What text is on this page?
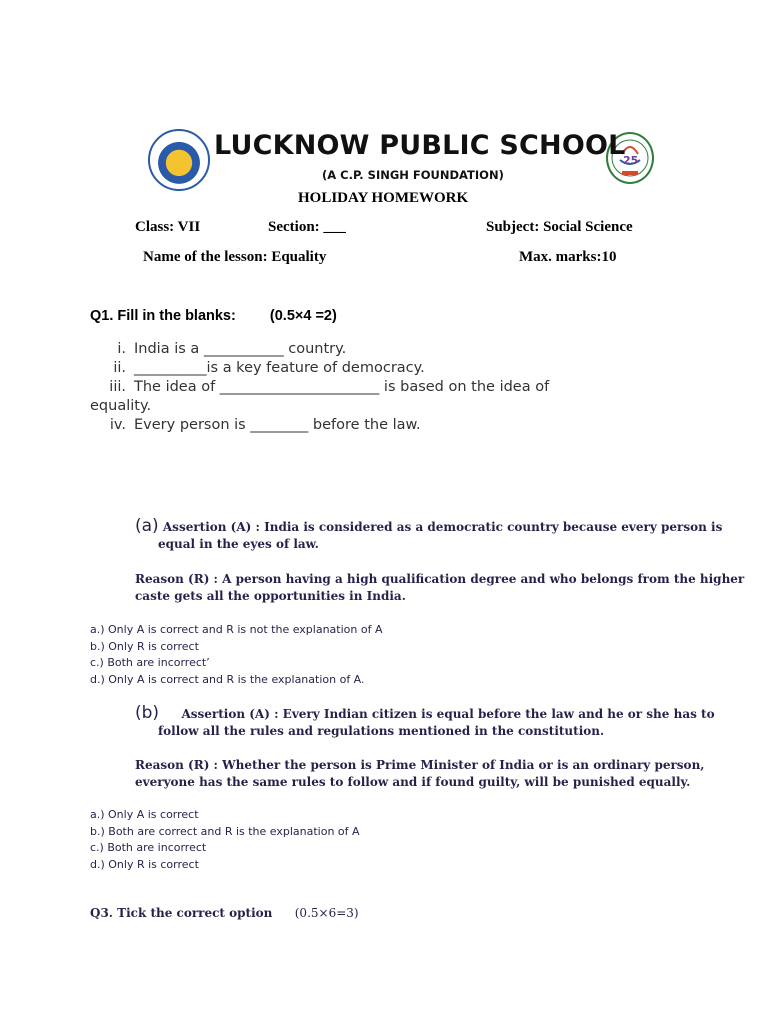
25
LUCKNOW PUBLIC SCHOOL
(A C.P. SINGH FOUNDATION)
HOLIDAY HOMEWORK
Class: VII	Section: ___	Subject: Social Science
Name of the lesson: Equality	Max. marks:10
Q1. Fill in the blanks: (0.5×4 =2)
i. India is a ___________ country.
ii. __________is a key feature of democracy.
iii. The idea of ______________________ is based on the idea of
equality.
iv. Every person is ________ before the law.
(a) Assertion (A) : India is considered as a democratic country because every person is
equal in the eyes of law.
Reason (R) : A person having a high qualification degree and who belongs from the higher
caste gets all the opportunities in India.
a.) Only A is correct and R is not the explanation of A
b.) Only R is correct
c.) Both are incorrect’
d.) Only A is correct and R is the explanation of A.
(b) Assertion (A) : Every Indian citizen is equal before the law and he or she has to
follow all the rules and regulations mentioned in the constitution.
Reason (R) : Whether the person is Prime Minister of India or is an ordinary person,
everyone has the same rules to follow and if found guilty, will be punished equally.
a.) Only A is correct
b.) Both are correct and R is the explanation of A
c.) Both are incorrect
d.) Only R is correct
Q3. Tick the correct option (0.5×6=3)
